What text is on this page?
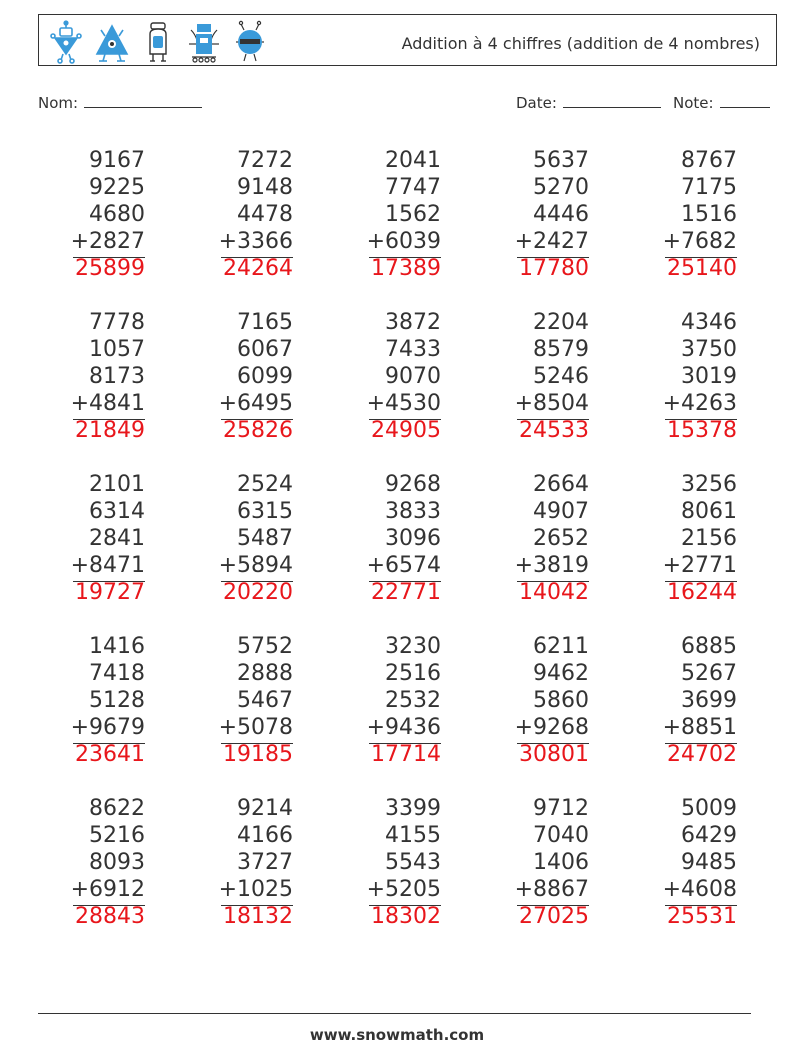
Addition à 4 chiffres (addition de 4 nombres)
Nom:	Date:	Note:
9167
9225
4680
+2827
25899
7272
9148
4478
+3366
24264
2041
7747
1562
+6039
17389
5637
5270
4446
+2427
17780
8767
7175
1516
+7682
25140
7778
1057
8173
+4841
21849
7165
6067
6099
+6495
25826
3872
7433
9070
+4530
24905
2204
8579
5246
+8504
24533
4346
3750
3019
+4263
15378
2101
6314
2841
+8471
19727
2524
6315
5487
+5894
20220
9268
3833
3096
+6574
22771
2664
4907
2652
+3819
14042
3256
8061
2156
+2771
16244
1416
7418
5128
+9679
23641
5752
2888
5467
+5078
19185
3230
2516
2532
+9436
17714
6211
9462
5860
+9268
30801
6885
5267
3699
+8851
24702
8622
5216
8093
+6912
28843
9214
4166
3727
+1025
18132
3399
4155
5543
+5205
18302
9712
7040
1406
+8867
27025
5009
6429
9485
+4608
25531
www.snowmath.com
